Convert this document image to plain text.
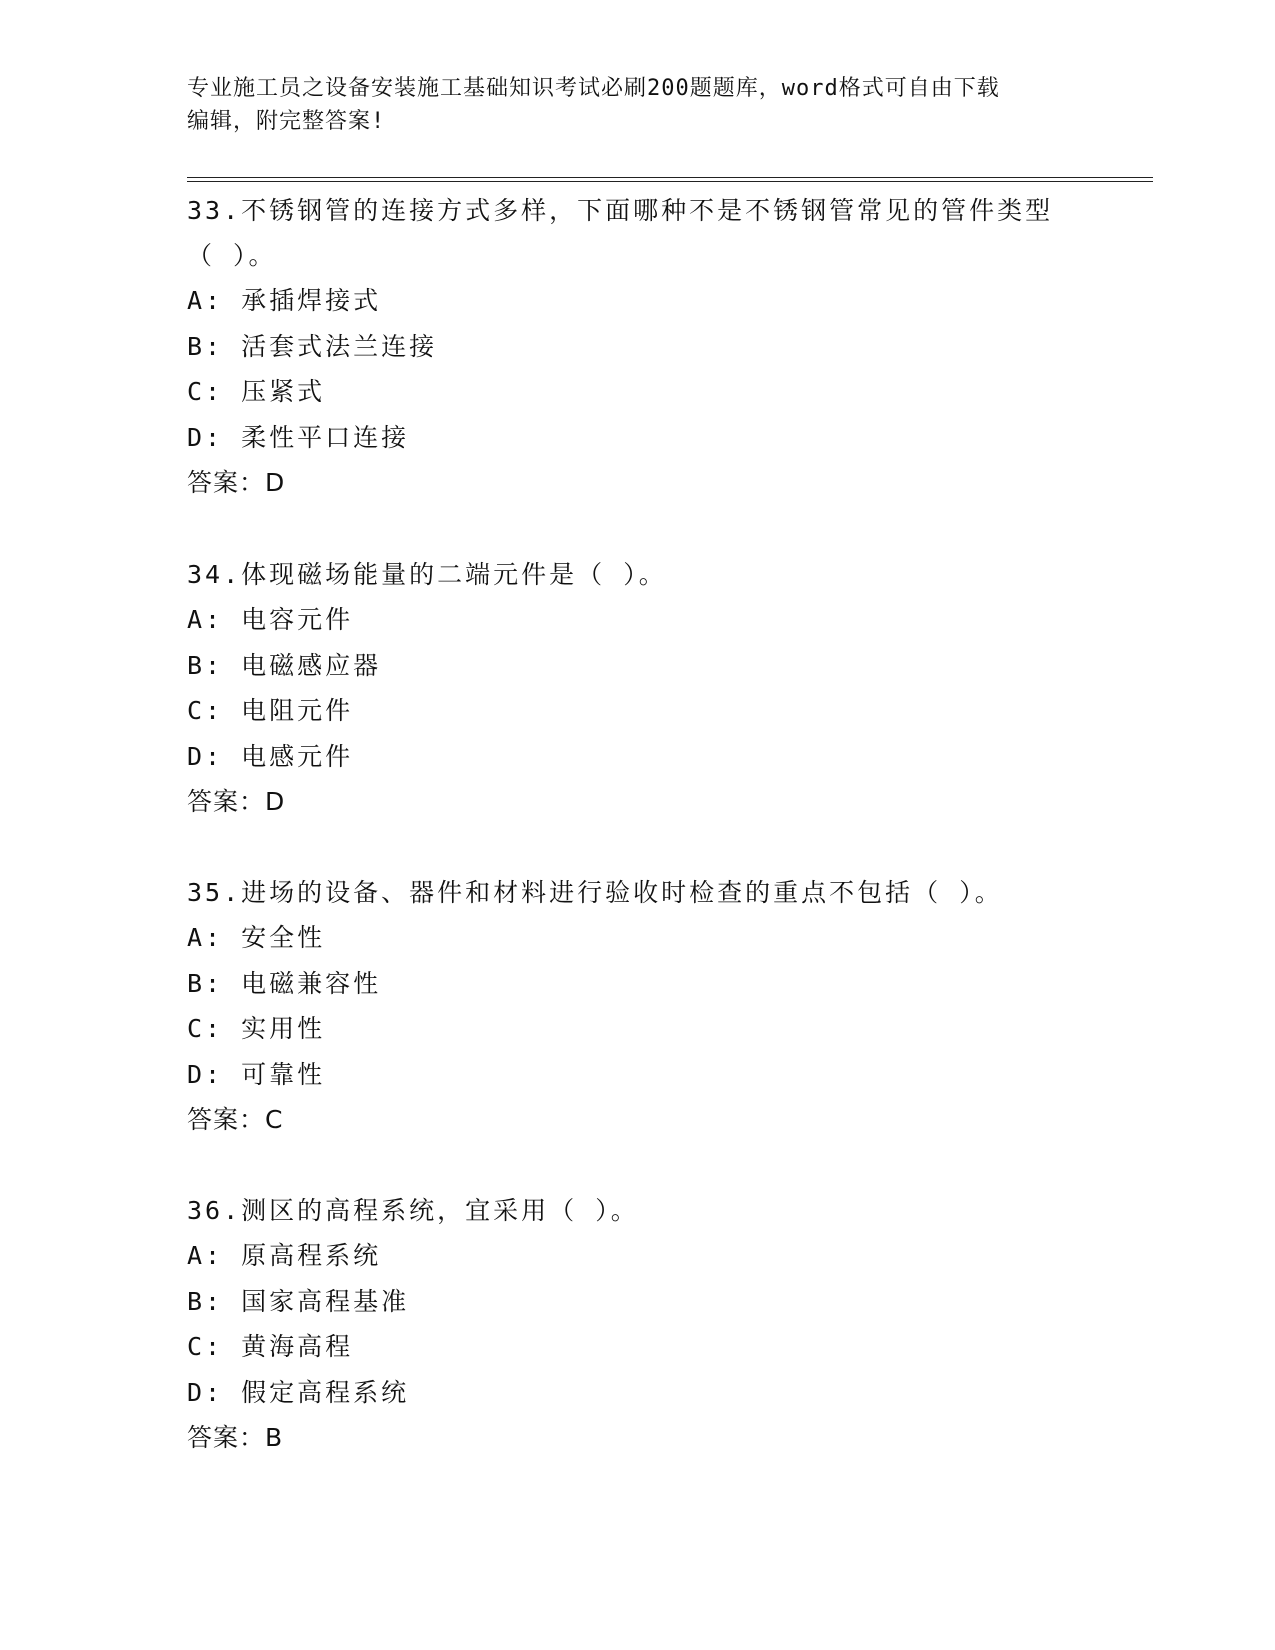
专业施工员之设备安装施工基础知识考试必刷200题题库，word格式可自由下载
编辑，附完整答案!

33.不锈钢管的连接方式多样，下面哪种不是不锈钢管常见的管件类型

（ ）。

A: 承插焊接式

B: 活套式法兰连接

C: 压紧式

D: 柔性平口连接

答案：D

34.体现磁场能量的二端元件是（ ）。

A: 电容元件

B: 电磁感应器

C: 电阻元件

D: 电感元件

答案：D

35.进场的设备、器件和材料进行验收时检查的重点不包括（ ）。

A: 安全性

B: 电磁兼容性

C: 实用性

D: 可靠性

答案：C

36.测区的高程系统，宜采用（ ）。

A: 原高程系统

B: 国家高程基准

C: 黄海高程

D: 假定高程系统

答案：B
